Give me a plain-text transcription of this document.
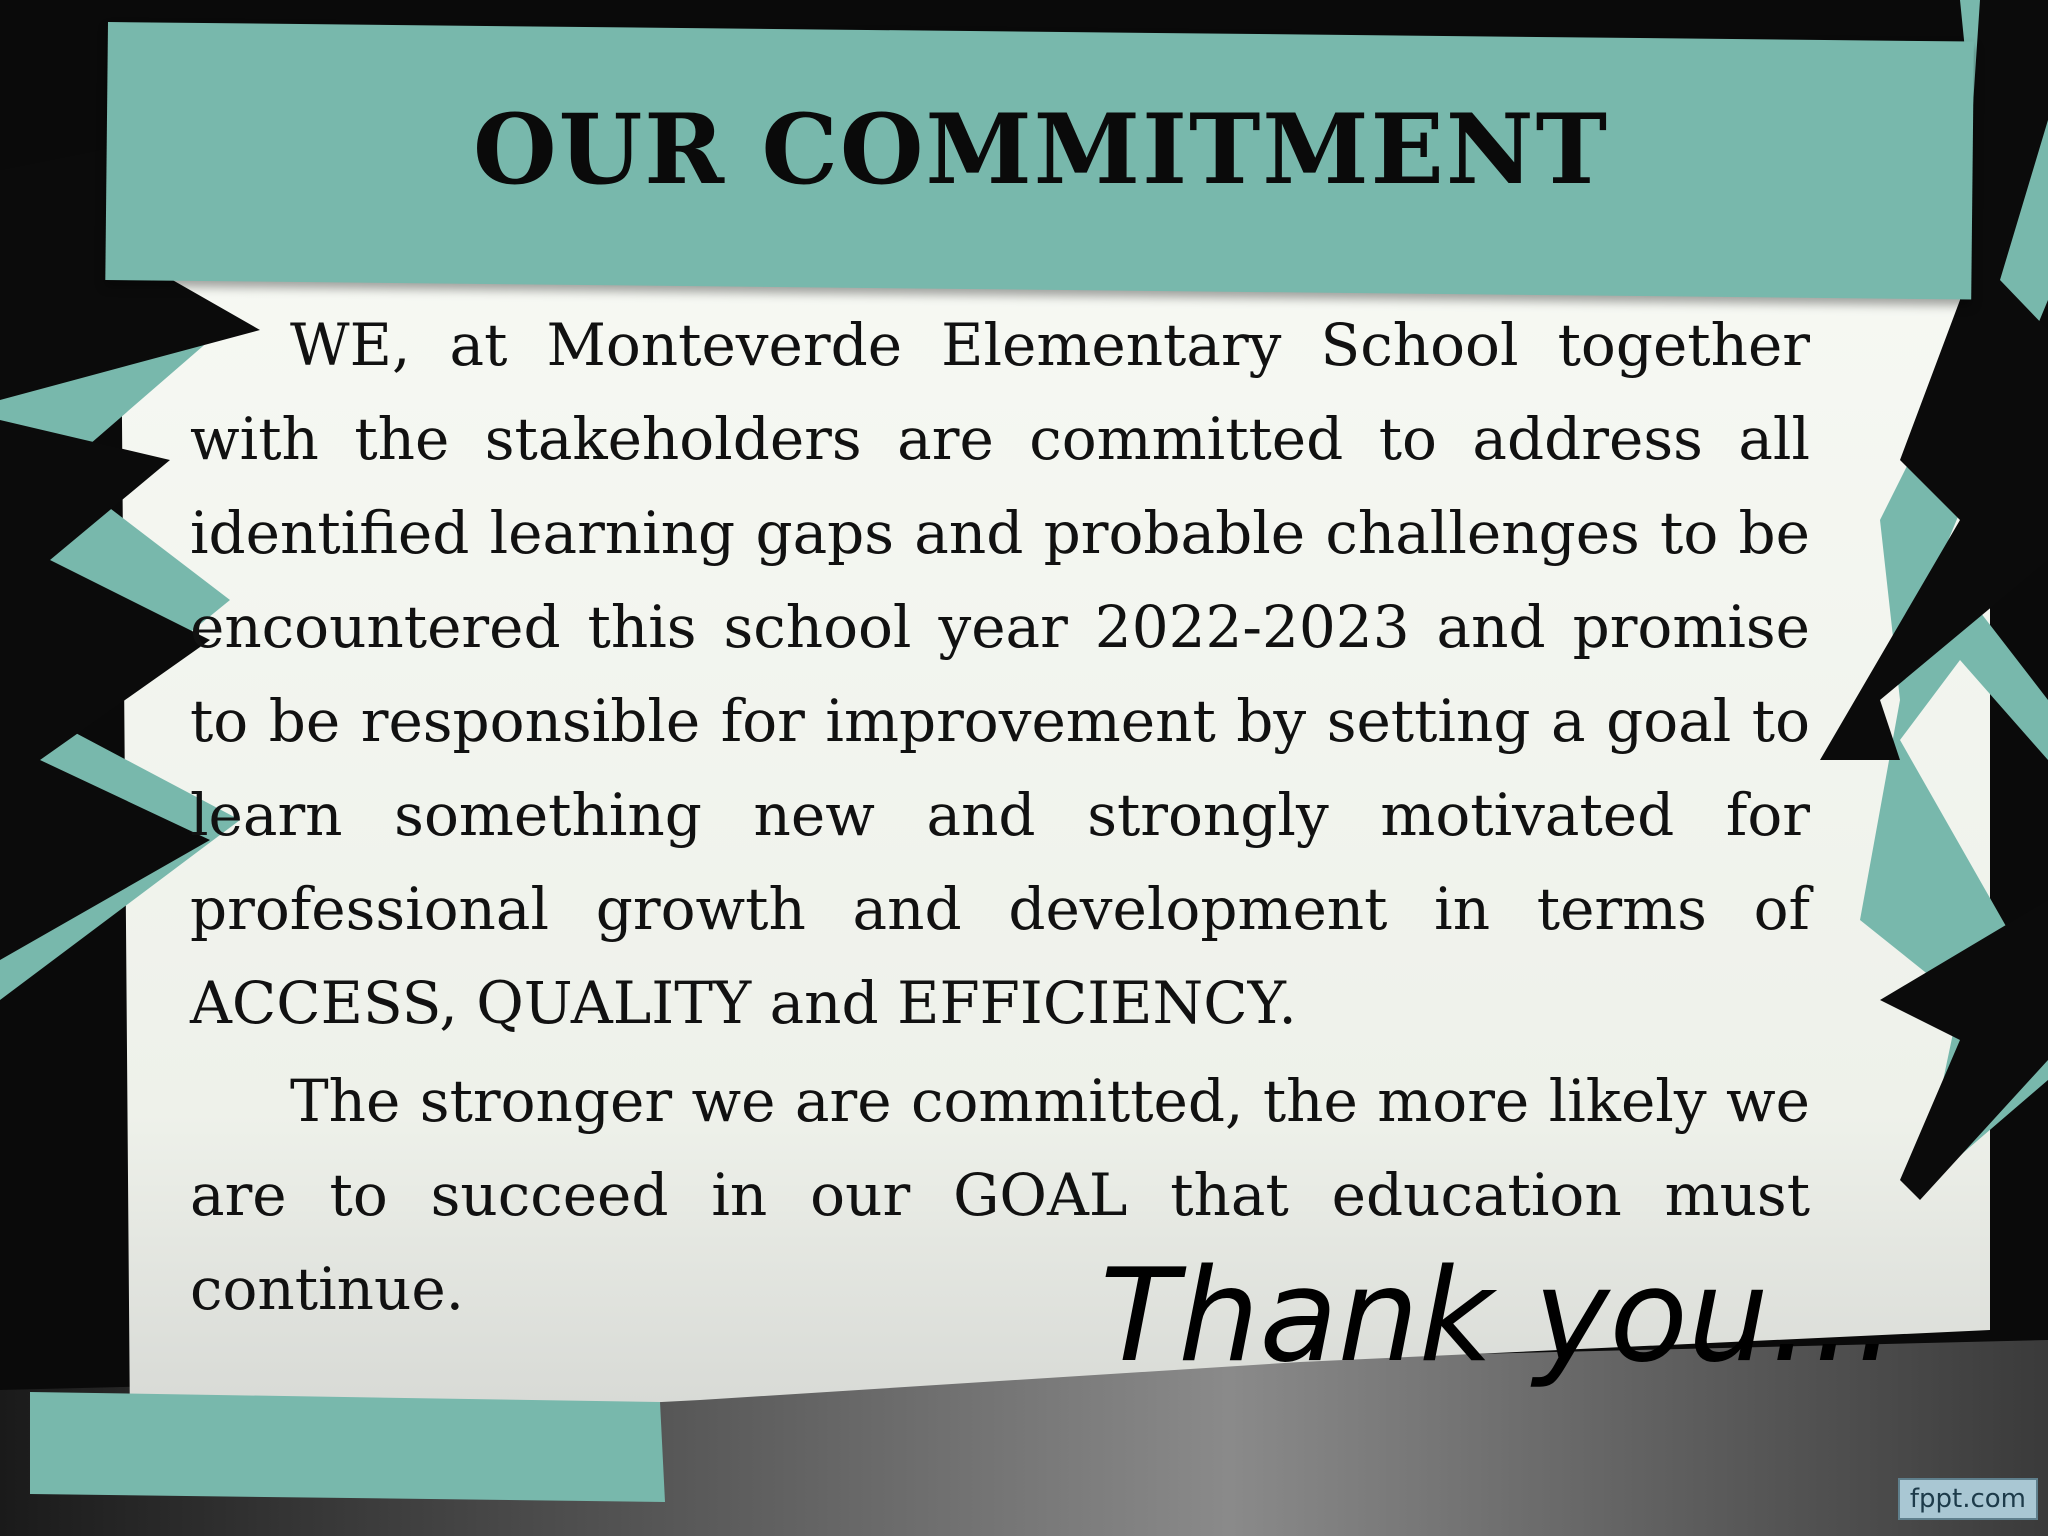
OUR COMMITMENT

WE, at Monteverde Elementary School together with the stakeholders are committed to address all identified learning gaps and probable challenges to be encountered this school year 2022-2023 and promise to be responsible for improvement by setting a goal to learn something new and strongly motivated for professional growth and development in terms of ACCESS, QUALITY and EFFICIENCY.

The stronger we are committed, the more likely we are to succeed in our GOAL that education must continue.	Thank you…
fppt.com
